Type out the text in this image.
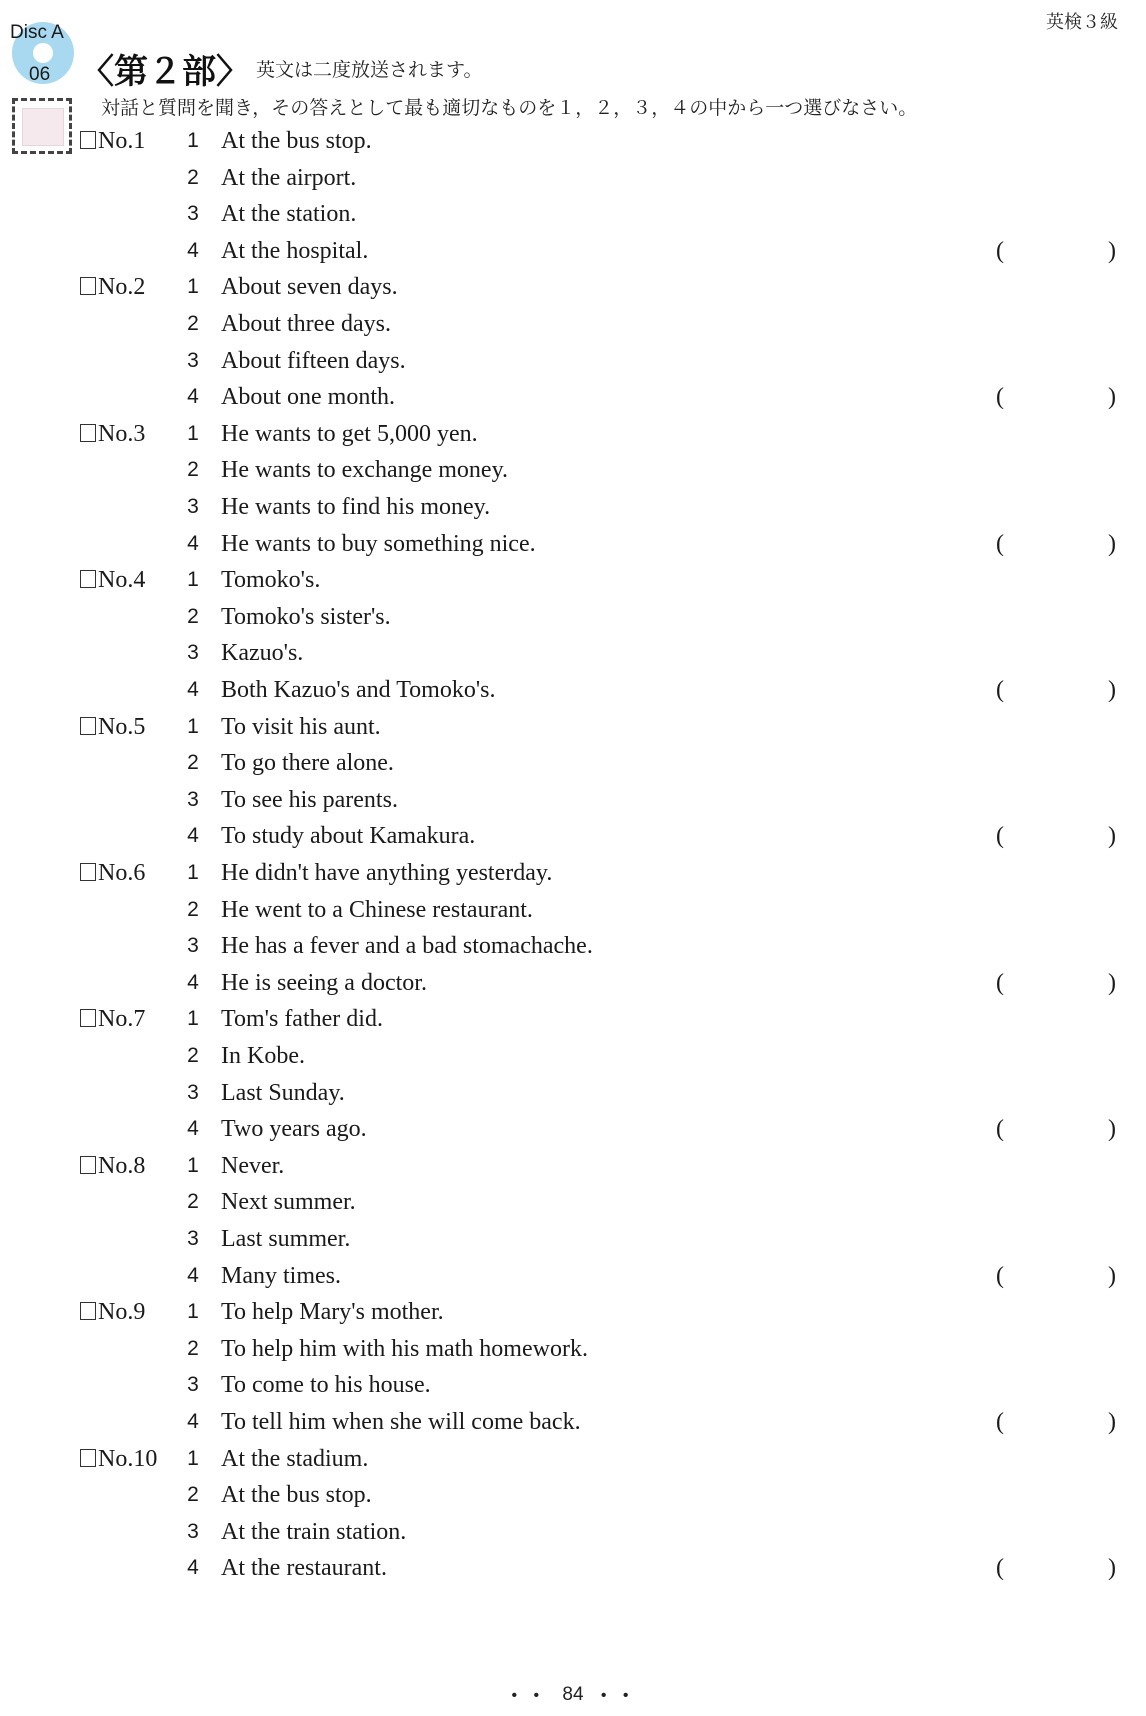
英検３級
Disc A
06 〈第２部〉 英文は二度放送されます。
対話と質問を聞き，その答えとして最も適切なものを１，２，３，４の中から一つ選びなさい。
No.1 1 At the bus stop.
2 At the airport.
3 At the station.
4 At the hospital.	(	)
No.2 1 About seven days.
2 About three days.
3 About fifteen days.
4 About one month.	(	)
No.3 1 He wants to get 5,000 yen.
2 He wants to exchange money.
3 He wants to find his money.
4 He wants to buy something nice.	(	)
No.4 1 Tomoko's.
2 Tomoko's sister's.
3 Kazuo's.
4 Both Kazuo's and Tomoko's.	(	)
No.5 1 To visit his aunt.
2 To go there alone.
3 To see his parents.
4 To study about Kamakura.	(	)
No.6 1 He didn't have anything yesterday.
2 He went to a Chinese restaurant.
3 He has a fever and a bad stomachache.
4 He is seeing a doctor.	(	)
No.7 1 Tom's father did.
2 In Kobe.
3 Last Sunday.
4 Two years ago.	(	)
No.8 1 Never.
2 Next summer.
3 Last summer.
4 Many times.	(	)
No.9 1 To help Mary's mother.
2 To help him with his math homework.
3 To come to his house.
4 To tell him when she will come back.	(	)
No.10 1 At the stadium.
2 At the bus stop.
3 At the train station.
4 At the restaurant.	(	)
• • 84 • •
